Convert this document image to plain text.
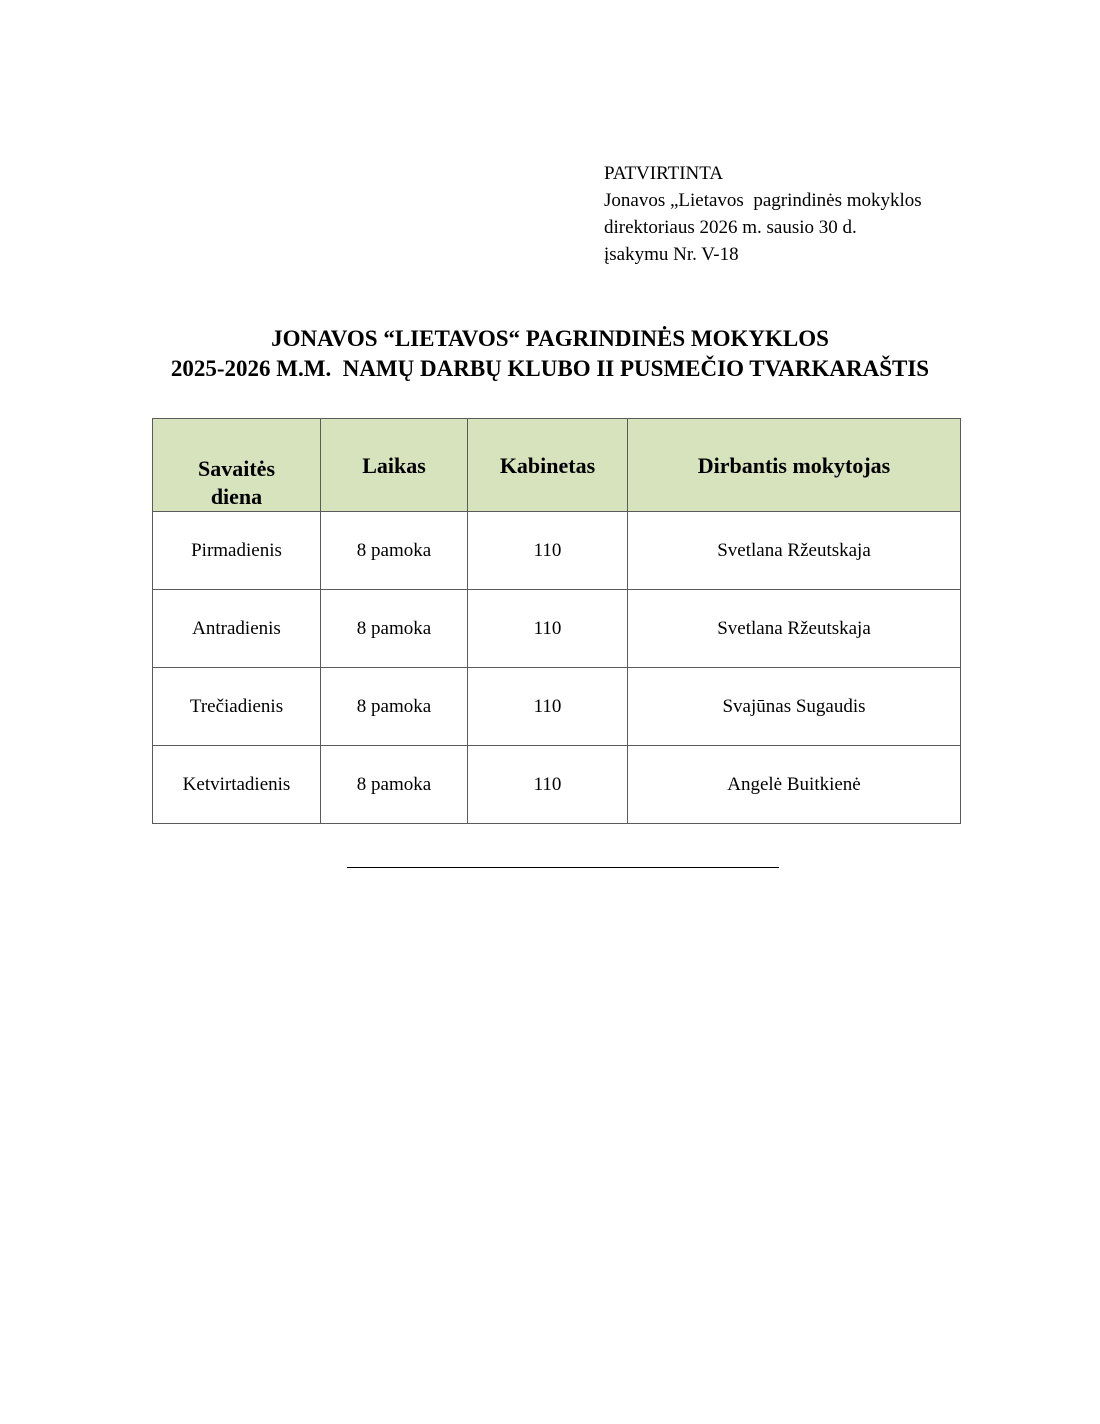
PATVIRTINTA
Jonavos „Lietavos  pagrindinės mokyklos
direktoriaus 2026 m. sausio 30 d.
įsakymu Nr. V-18
JONAVOS “LIETAVOS“ PAGRINDINĖS MOKYKLOS
2025-2026 M.M.  NAMŲ DARBŲ KLUBO II PUSMEČIO TVARKARAŠTIS
Savaitės
diena	Laikas	Kabinetas	Dirbantis mokytojas

Pirmadienis	8 pamoka	110	Svetlana Ržeutskaja
Antradienis	8 pamoka	110	Svetlana Ržeutskaja
Trečiadienis	8 pamoka	110	Svajūnas Sugaudis
Ketvirtadienis	8 pamoka	110	Angelė Buitkienė
